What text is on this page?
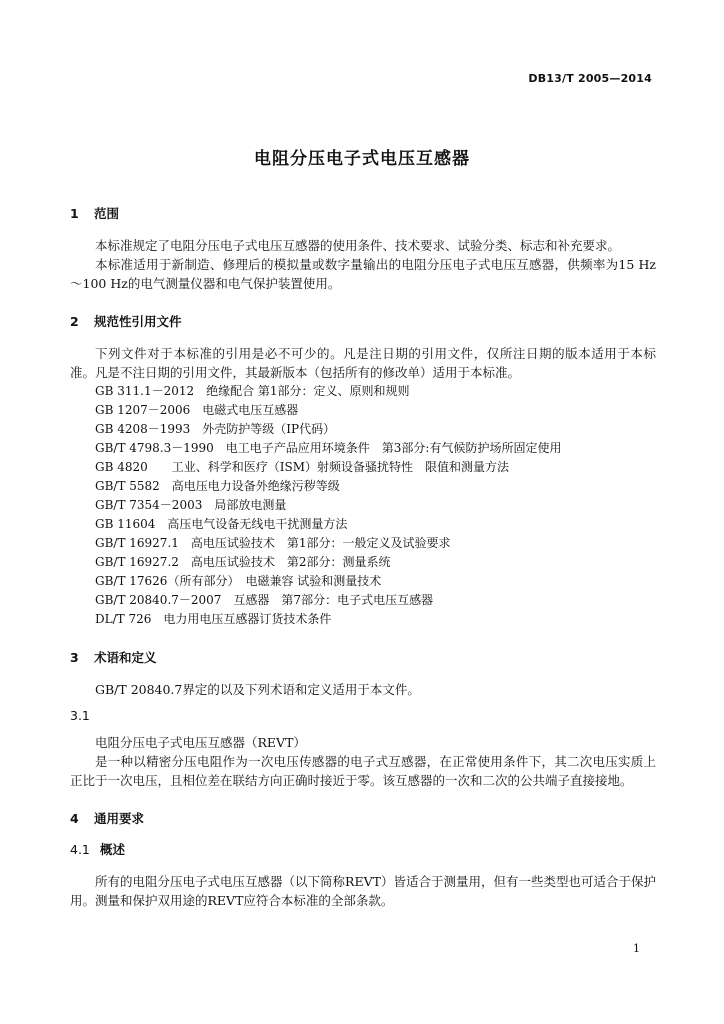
DB13/T 2005—2014
电阻分压电子式电压互感器
1 范围

本标准规定了电阻分压电子式电压互感器的使用条件、技术要求、试验分类、标志和补充要求。

本标准适用于新制造、修理后的模拟量或数字量输出的电阻分压电子式电压互感器，供频率为15 Hz～100 Hz的电气测量仪器和电气保护装置使用。

2 规范性引用文件

下列文件对于本标准的引用是必不可少的。凡是注日期的引用文件，仅所注日期的版本适用于本标准。凡是不注日期的引用文件，其最新版本（包括所有的修改单）适用于本标准。

GB 311.1－2012　绝缘配合 第1部分：定义、原则和规则

GB 1207－2006　电磁式电压互感器

GB 4208－1993　外壳防护等级（IP代码）

GB/T 4798.3－1990　电工电子产品应用环境条件　第3部分:有气候防护场所固定使用

GB 4820　　工业、科学和医疗（ISM）射频设备骚扰特性　限值和测量方法

GB/T 5582　高电压电力设备外绝缘污秽等级

GB/T 7354－2003　局部放电测量

GB 11604　高压电气设备无线电干扰测量方法

GB/T 16927.1　高电压试验技术　第1部分：一般定义及试验要求

GB/T 16927.2　高电压试验技术　第2部分：测量系统

GB/T 17626（所有部分）　电磁兼容 试验和测量技术

GB/T 20840.7－2007　互感器　第7部分：电子式电压互感器

DL/T 726　电力用电压互感器订货技术条件

3 术语和定义

GB/T 20840.7界定的以及下列术语和定义适用于本文件。

3.1

电阻分压电子式电压互感器（REVT）

是一种以精密分压电阻作为一次电压传感器的电子式互感器，在正常使用条件下，其二次电压实质上正比于一次电压，且相位差在联结方向正确时接近于零。该互感器的一次和二次的公共端子直接接地。

4 通用要求
4.1 概述

所有的电阻分压电子式电压互感器（以下简称REVT）皆适合于测量用，但有一些类型也可适合于保护用。测量和保护双用途的REVT应符合本标准的全部条款。

1
